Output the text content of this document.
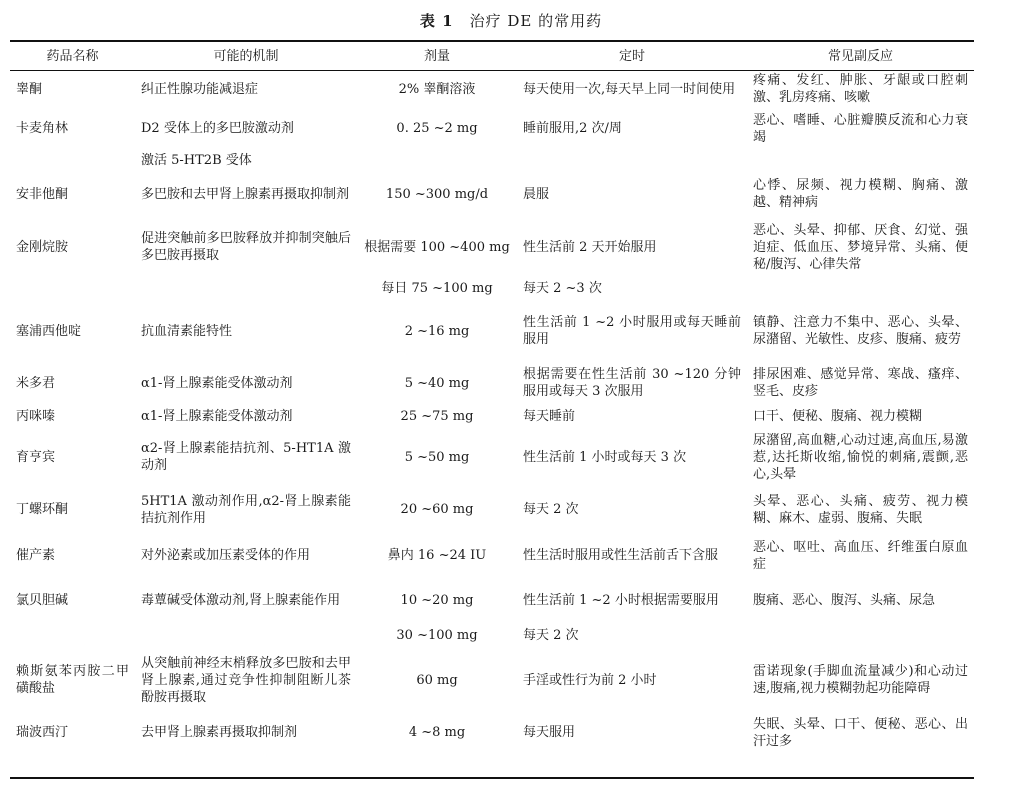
表 1 治疗 DE 的常用药
药品名称	可能的机制	剂量	定时	常见副反应
睾酮	纠正性腺功能减退症	2% 睾酮溶液	每天使用一次,每天早上同一时间使用	疼痛、发红、肿胀、牙龈或口腔刺激、乳房疼痛、咳嗽
卡麦角林	D2 受体上的多巴胺激动剂	0. 25 ~2 mg	睡前服用,2 次/周	恶心、嗜睡、心脏瓣膜反流和心力衰竭
	激活 5-HT2B 受体			
安非他酮	多巴胺和去甲肾上腺素再摄取抑制剂	150 ~300 mg/d	晨服	心悸、尿频、视力模糊、胸痛、激越、精神病
金刚烷胺	促进突触前多巴胺释放并抑制突触后多巴胺再摄取	根据需要 100 ~400 mg	性生活前 2 天开始服用	恶心、头晕、抑郁、厌食、幻觉、强迫症、低血压、梦境异常、头痛、便秘/腹泻、心律失常
		每日 75 ~100 mg	每天 2 ~3 次	
塞浦西他啶	抗血清素能特性	2 ~16 mg	性生活前 1 ~2 小时服用或每天睡前服用	镇静、注意力不集中、恶心、头晕、尿潴留、光敏性、皮疹、腹痛、疲劳
米多君	α1-肾上腺素能受体激动剂	5 ~40 mg	根据需要在性生活前 30 ~120 分钟服用或每天 3 次服用	排尿困难、感觉异常、寒战、瘙痒、竖毛、皮疹
丙咪嗪	α1-肾上腺素能受体激动剂	25 ~75 mg	每天睡前	口干、便秘、腹痛、视力模糊
育亨宾	α2-肾上腺素能拮抗剂、5-HT1A 激动剂	5 ~50 mg	性生活前 1 小时或每天 3 次	尿潴留,高血糖,心动过速,高血压,易激惹,达托斯收缩,愉悦的刺痛,震颤,恶心,头晕
丁螺环酮	5HT1A 激动剂作用,α2-肾上腺素能拮抗剂作用	20 ~60 mg	每天 2 次	头晕、恶心、头痛、疲劳、视力模糊、麻木、虚弱、腹痛、失眠
催产素	对外泌素或加压素受体的作用	鼻内 16 ~24 IU	性生活时服用或性生活前舌下含服	恶心、呕吐、高血压、纤维蛋白原血症
氯贝胆碱	毒蕈碱受体激动剂,肾上腺素能作用	10 ~20 mg	性生活前 1 ~2 小时根据需要服用	腹痛、恶心、腹泻、头痛、尿急
		30 ~100 mg	每天 2 次	
赖斯氨苯丙胺二甲磺酸盐	从突触前神经末梢释放多巴胺和去甲肾上腺素,通过竞争性抑制阻断儿茶酚胺再摄取	60 mg	手淫或性行为前 2 小时	雷诺现象(手脚血流量减少)和心动过速,腹痛,视力模糊勃起功能障碍
瑞波西汀	去甲肾上腺素再摄取抑制剂	4 ~8 mg	每天服用	失眠、头晕、口干、便秘、恶心、出汗过多
